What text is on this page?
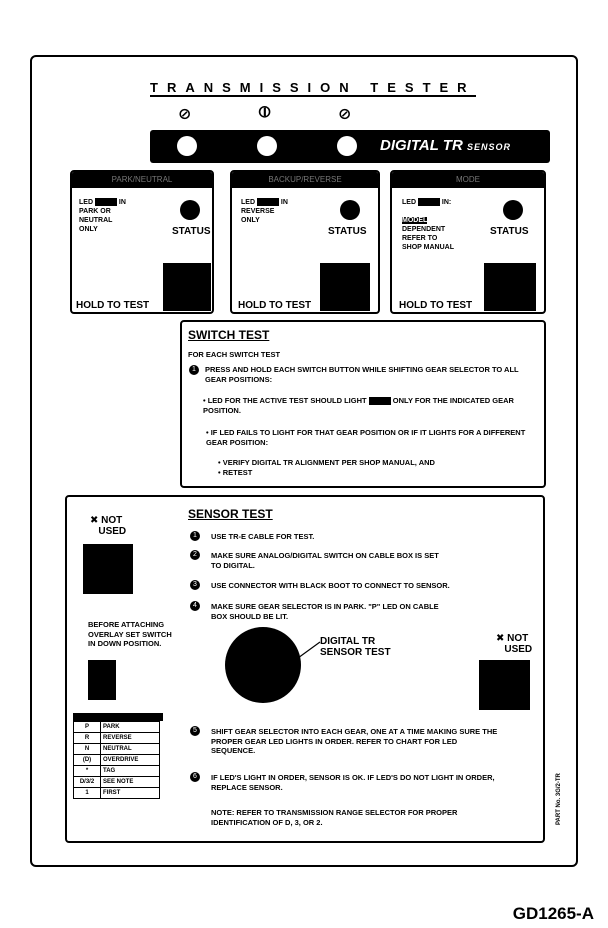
TRANSMISSION TESTER
⊘	⦶	⊘
DIGITAL TR SENSOR
PARK/NEUTRAL
LED	IN
PARK OR
NEUTRAL
ONLY	STATUS
HOLD TO TEST
BACKUP/REVERSE
LED	IN
REVERSE
ONLY
STATUS
HOLD TO TEST
MODE
LED	IN:

MODEL
DEPENDENT
REFER TO
SHOP MANUAL
STATUS
HOLD TO TEST
SWITCH TEST
FOR EACH SWITCH TEST
1	PRESS AND HOLD EACH SWITCH BUTTON WHILE SHIFTING GEAR SELECTOR TO ALL GEAR POSITIONS:
• LED FOR THE ACTIVE TEST SHOULD LIGHT	ONLY FOR THE INDICATED GEAR POSITION.
• IF LED FAILS TO LIGHT FOR THAT GEAR POSITION OR IF IT LIGHTS FOR A DIFFERENT GEAR POSITION:
• VERIFY DIGITAL TR ALIGNMENT PER SHOP MANUAL, AND
• RETEST
SENSOR TEST
✖ NOT
USED
BEFORE ATTACHING
OVERLAY SET SWITCH
IN DOWN POSITION.
1	USE TR-E CABLE FOR TEST.
2	MAKE SURE ANALOG/DIGITAL SWITCH ON CABLE BOX IS SET TO DIGITAL.
3	USE CONNECTOR WITH BLACK BOOT TO CONNECT TO SENSOR.
4	MAKE SURE GEAR SELECTOR IS IN PARK. "P" LED ON CABLE BOX SHOULD BE LIT.
DIGITAL TR
SENSOR TEST
✖ NOT
USED
P	PARK
R	REVERSE
N	NEUTRAL
(D)	OVERDRIVE
*	TAG
D/3/2	SEE NOTE
1	FIRST
5	SHIFT GEAR SELECTOR INTO EACH GEAR, ONE AT A TIME MAKING SURE THE PROPER GEAR LED LIGHTS IN ORDER. REFER TO CHART FOR LED SEQUENCE.
6	IF LED'S LIGHT IN ORDER, SENSOR IS OK. IF LED'S DO NOT LIGHT IN ORDER, REPLACE SENSOR.
NOTE: REFER TO TRANSMISSION RANGE SELECTOR FOR PROPER IDENTIFICATION OF D, 3, OR 2.	PART No. 3G/2-TR
GD1265-A
